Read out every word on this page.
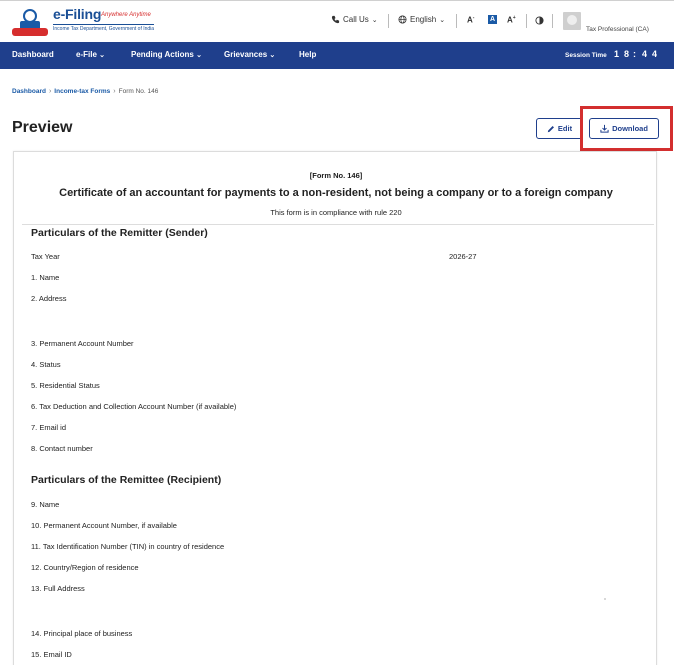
e-Filing Anywhere Anytime
Income Tax Department, Government of India
Call Us ⌄	English ⌄	A- A A+
Tax Professional (CA)
Dashboard	e-File ⌄	Pending Actions ⌄	Grievances ⌄	Help	Session Time 1 8 : 4 4
Dashboard › Income-tax Forms › Form No. 146
Preview	Edit	Download
[Form No. 146]
Certificate of an accountant for payments to a non-resident, not being a company or to a foreign company
This form is in compliance with rule 220
Particulars of the Remitter (Sender)
Tax Year	2026-27
1. Name
2. Address
3. Permanent Account Number
4. Status
5. Residential Status
6. Tax Deduction and Collection Account Number (if available)
7. Email id
8. Contact number
Particulars of the Remittee (Recipient)
9. Name
10. Permanent Account Number, if available
11. Tax Identification Number (TIN) in country of residence
12. Country/Region of residence
13. Full Address
14. Principal place of business
15. Email ID
